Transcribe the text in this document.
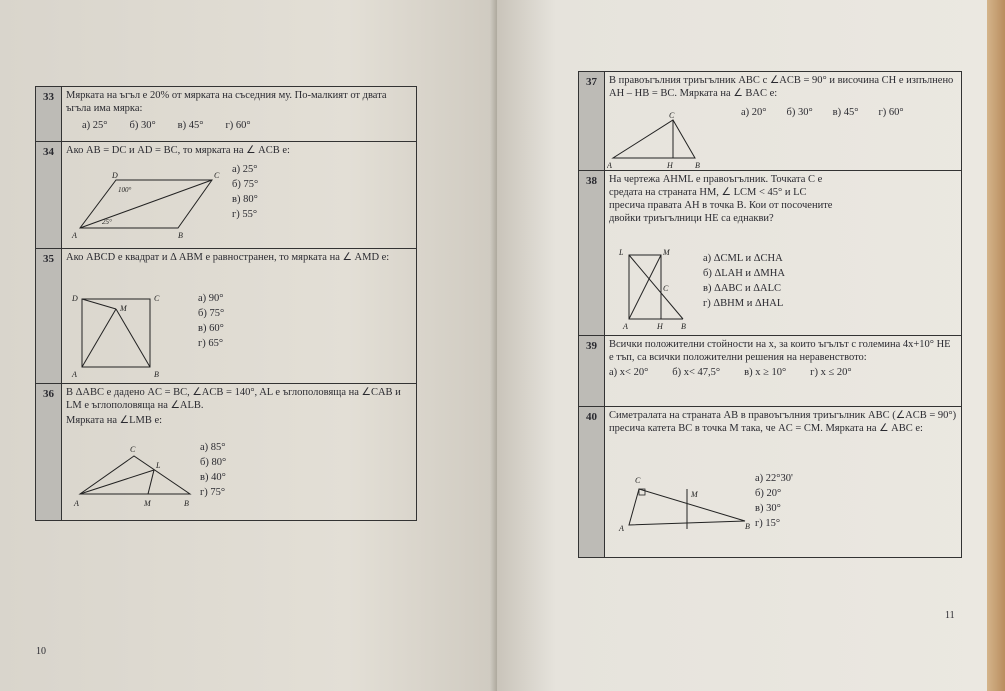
33	Мярката на ъгъл е 20% от мярката на съседния му. По-малкият от двата ъгъла има мярка:

а) 25° б) 30° в) 45° г) 60°
34	Ако AB = DC и AD = BC, то мярката на ∠ ACB е:

а) 25°
б) 75°
в) 80°
г) 55°
D	C
A	B
100°
25°
35	Ако ABCD е квадрат и Δ ABM е равностранен, то мярката на ∠ AMD е:

а) 90°
б) 75°
в) 60°
г) 65°
D	C
M
A	B
36	В ΔABC е дадено AC = BC, ∠ACB = 140°, AL е ъглополовяща на ∠CAB и LM е ъглополовяща на ∠ALB.

Мярката на ∠LMB е:

а) 85°
б) 80°
в) 40°
г) 75°
C
L
A	M	B
10
37	В правоъгълния триъгълник ABC с ∠ACB = 90° и височина CH е изпълнено AH – HB = BC. Мярката на ∠ BAC е:

а) 20° б) 30° в) 45° г) 60°
C
A	H	B
38	На чертежа AHML е правоъгълник. Точката C е средата на страната HM, ∠ LCM < 45° и LC пресича правата AH в точка B. Кои от посочените двойки триъгълници НЕ са еднакви?

а) ΔCML и ΔCHA
б) ΔLAH и ΔMHA
в) ΔABC и ΔALC
г) ΔBHM и ΔHAL
L	M
C
A	H B
39	Всички положителни стойности на x, за които ъгълът с големина 4x+10° НЕ е тъп, са всички положителни решения на неравенството:

а) x< 20° б) x< 47,5° в) x ≥ 10° г) x ≤ 20°
40	Симетралата на страната AB в правоъгълния триъгълник ABC (∠ACB = 90°) пресича катета BC в точка M така, че AC = CM. Мярката на ∠ ABC е:

а) 22°30'
б) 20°
в) 30°
г) 15°
C
M
A	B
11
